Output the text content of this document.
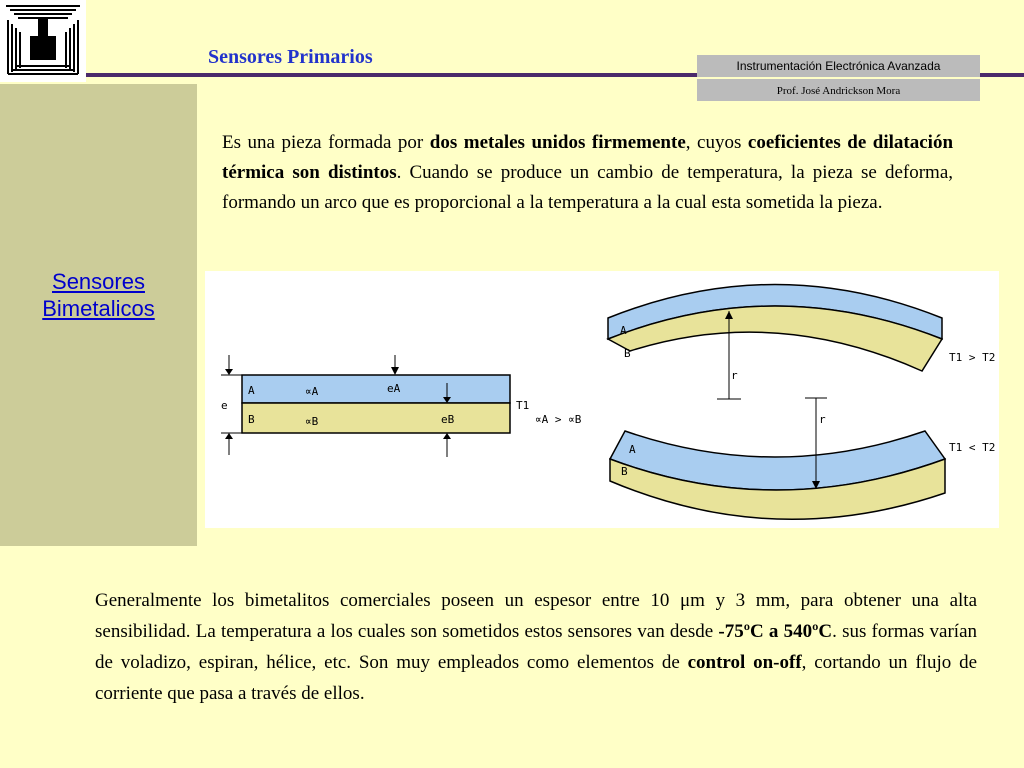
Sensores
Bimetalicos
Sensores Primarios	Instrumentación Electrónica Avanzada
Prof. José Andrickson Mora

Es una pieza formada por dos metales unidos firmemente, cuyos coeficientes de dilatación térmica son distintos. Cuando se produce un cambio de temperatura, la pieza se deforma, formando un arco que es proporcional a la temperatura a la cual esta sometida la pieza.

A
B
e
∝A
∝B
eA
eB
T1
∝A > ∝B
A
B
r
T1 > T2
A
B
r
T1 < T2

Generalmente los bimetalitos comerciales poseen un espesor entre 10 μm y 3 mm, para obtener una alta sensibilidad. La temperatura a los cuales son sometidos estos sensores van desde -75ºC a 540ºC. sus formas varían de voladizo, espiran, hélice, etc. Son muy empleados como elementos de control on-off, cortando un flujo de corriente que pasa a través de ellos.
